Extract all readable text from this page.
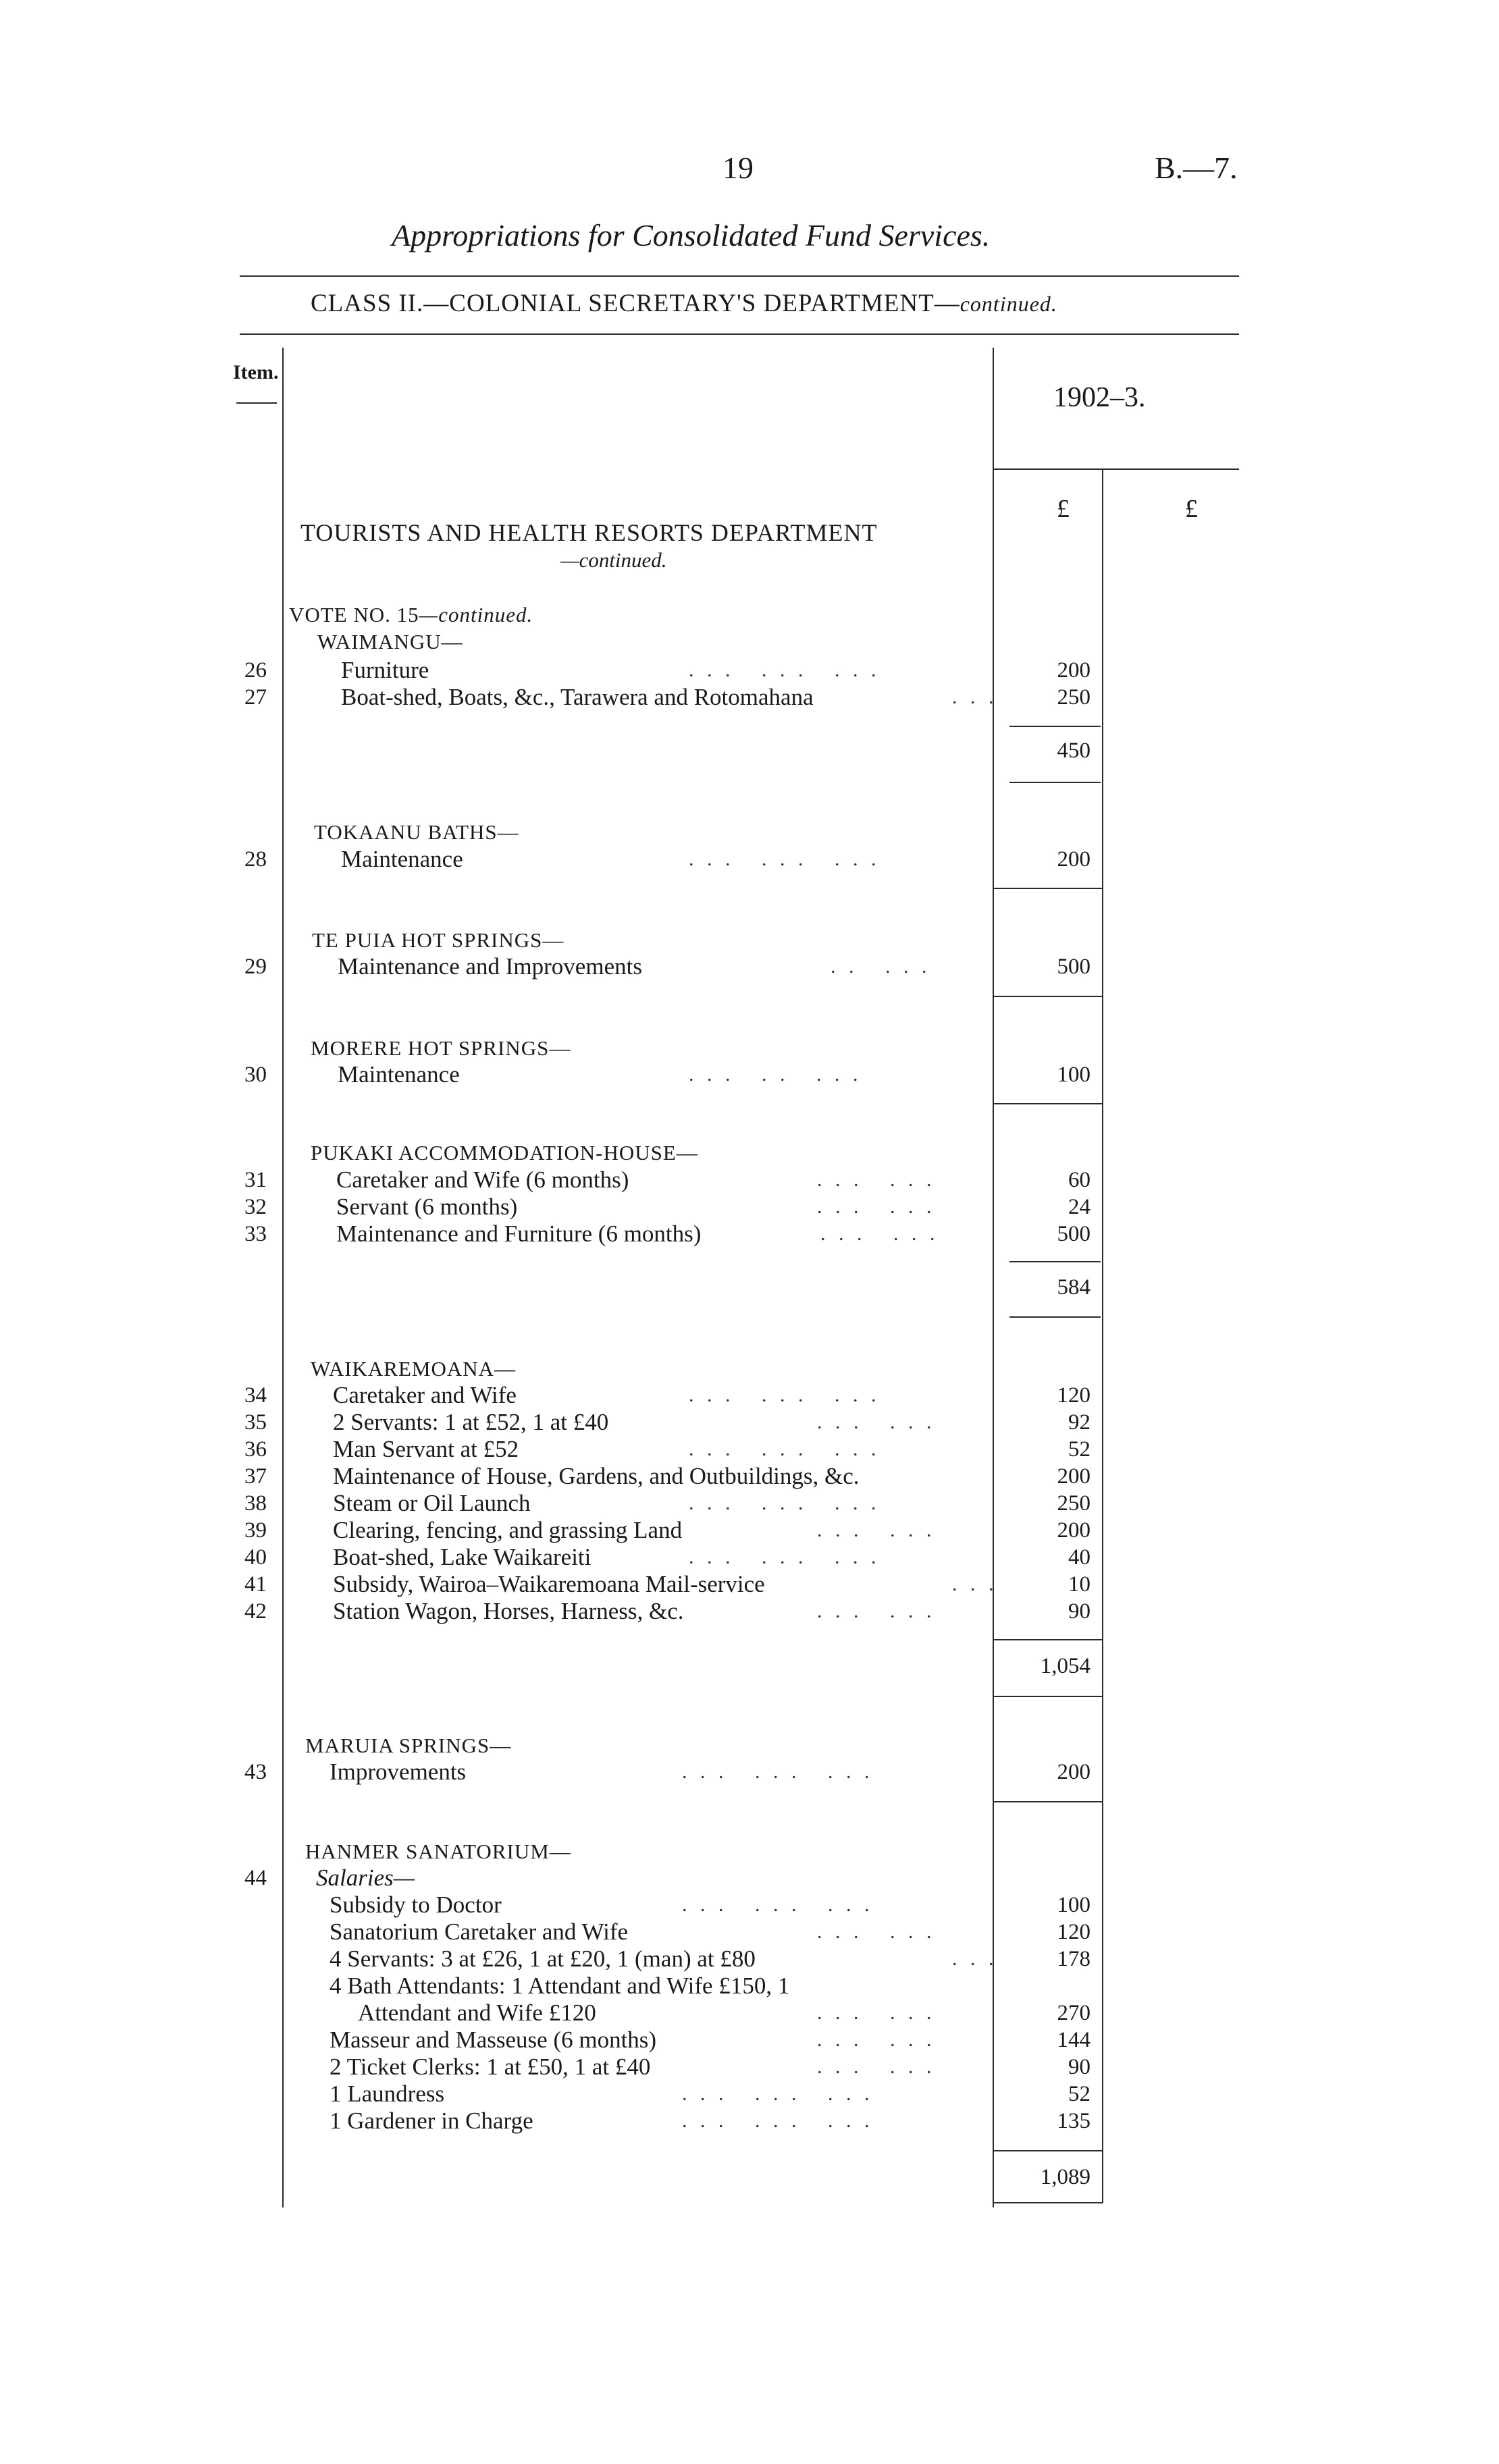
19	B.—7.
Appropriations for Consolidated Fund Services.
CLASS II.—COLONIAL SECRETARY'S DEPARTMENT—continued.
Item.
1902–3.
£	£
TOURISTS AND HEALTH RESORTS DEPARTMENT
—continued.
VOTE NO. 15—continued.
WAIMANGU—
26	Furniture	. . .   . . .   . . .	200
27	Boat-shed, Boats, &c., Tarawera and Rotomahana	. . .	250
450
TOKAANU BATHS—
28	Maintenance	. . .   . . .   . . .	200
TE PUIA HOT SPRINGS—
29	Maintenance and Improvements	. .   . . .	500
MORERE HOT SPRINGS—
30	Maintenance	. . .   . .   . . .	100
PUKAKI ACCOMMODATION-HOUSE—
31	Caretaker and Wife (6 months)	. . .   . . .	60
32	Servant (6 months)	. . .   . . .	24
33	Maintenance and Furniture (6 months)	. . .   . . .	500
584
WAIKAREMOANA—
34	Caretaker and Wife	. . .   . . .   . . .	120
35	2 Servants: 1 at £52, 1 at £40	. . .   . . .	92
36	Man Servant at £52	. . .   . . .   . . .	52
37	Maintenance of House, Gardens, and Outbuildings, &c.	200
38	Steam or Oil Launch	. . .   . . .   . . .	250
39	Clearing, fencing, and grassing Land	. . .   . . .	200
40	Boat-shed, Lake Waikareiti	. . .   . . .   . . .	40
41	Subsidy, Wairoa–Waikaremoana Mail-service	. . .	10
42	Station Wagon, Horses, Harness, &c.	. . .   . . .	90
1,054
MARUIA SPRINGS—
43	Improvements	. . .   . . .   . . .	200
HANMER SANATORIUM—
44 Salaries—
Subsidy to Doctor	. . .   . . .   . . .	100
Sanatorium Caretaker and Wife	. . .   . . .	120
4 Servants: 3 at £26, 1 at £20, 1 (man) at £80	. . .	178
4 Bath Attendants: 1 Attendant and Wife £150, 1
Attendant and Wife £120	. . .   . . .	270
Masseur and Masseuse (6 months)	. . .   . . .	144
2 Ticket Clerks: 1 at £50, 1 at £40	. . .   . . .	90
1 Laundress	. . .   . . .   . . .	52
1 Gardener in Charge	. . .   . . .   . . .	135
1,089
